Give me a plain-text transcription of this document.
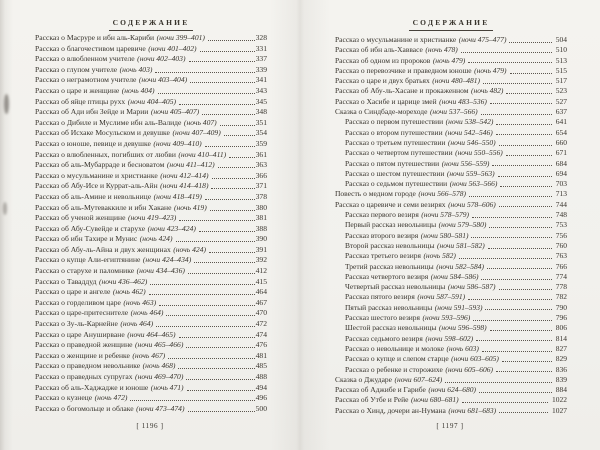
СОДЕРЖАНИЕ
Рассказ о Масруре и ибн аль-Кариби (ночи 399–401)	328
Рассказ о благочестивом царевиче (ночи 401–402)	331
Рассказ о влюбленном учителе (ночи 402–403)	337
Рассказ о глупом учителе (ночь 403)	339
Рассказ о неграмотном учителе (ночи 403–404)	341
Рассказ о царе и женщине (ночь 404)	343
Рассказ об яйце птицы рухх (ночи 404–405)	345
Рассказ об Ади ибн Зейде и Марии (ночи 405–407)	348
Рассказ о Дибиле и Муслиме ибн аль-Валиде (ночь 407)	351
Рассказ об Исхаке Мосульском и девушке (ночи 407–409)	354
Рассказ о юноше, певице и девушке (ночи 409–410)	359
Рассказ о влюбленных, погибших от любви (ночи 410–411)	361
Рассказ об аль-Мубарраде и бесноватом (ночи 411–412)	363
Рассказ о мусульманине и христианке (ночи 412–414)	366
Рассказ об Абу-Исе и Куррат-аль-Айн (ночи 414–418)	371
Рассказ об аль-Амине и невольнице (ночи 418–419)	378
Рассказ об аль-Мутеваккиле и ибн Хакане (ночь 419)	380
Рассказ об ученой женщине (ночи 419–423)	381
Рассказ об Абу-Сувейде и старухе (ночи 423–424)	388
Рассказ об ибн Тахире и Мунис (ночь 424)	390
Рассказ об Абу-ль-Айна и двух женщинах (ночь 424)	391
Рассказ о купце Али-египтянине (ночи 424–434)	392
Рассказ о старухе и паломнике (ночи 434–436)	412
Рассказ о Таваддуд (ночи 436–462)	415
Рассказ о царе и ангеле (ночь 462)	464
Рассказ о горделивом царе (ночь 463)	467
Рассказ о царе-притеснителе (ночь 464)	470
Рассказ о Зу-ль-Карнейне (ночь 464)	472
Рассказ о царе Ануширване (ночи 464–465)	474
Рассказ о праведной женщине (ночи 465–466)	476
Рассказ о женщине и ребенке (ночь 467)	481
Рассказ о праведном невольнике (ночь 468)	485
Рассказ о праведных супругах (ночи 469–470)	488
Рассказ об аль-Хаджадже и юноше (ночь 471)	494
Рассказ о кузнеце (ночь 472)	496
Рассказ о богомольце и облаке (ночи 473–474)	500
[ 1196 ]
СОДЕРЖАНИЕ
Рассказ о мусульманине и христианке (ночи 475–477)	504
Рассказ об ибн аль-Хаввасе (ночь 478)	510
Рассказ об одном из пророков (ночь 479)	513
Рассказ о перевозчике и праведном юноше (ночь 479)	515
Рассказ о царе и двух братьях (ночи 480–481)	517
Рассказ об Абу-ль-Хасане и прокаженном (ночь 482)	523
Рассказ о Хасибе и царице змей (ночи 483–536)	527
Сказка о Синдбаде-мореходе (ночи 537–566)	637
Рассказ о первом путешествии (ночи 538–542)	641
Рассказ о втором путешествии (ночи 542–546)	654
Рассказ о третьем путешествии (ночи 546–550)	660
Рассказ о четвертом путешествии (ночи 550–556)	671
Рассказ о пятом путешествии (ночи 556–559)	684
Рассказ о шестом путешествии (ночи 559–563)	694
Рассказ о седьмом путешествии (ночи 563–566)	703
Повесть о медном городе (ночи 566–578)	713
Рассказ о царевиче и семи везирях (ночи 578–606)	744
Рассказ первого везиря (ночи 578–579)	748
Первый рассказ невольницы (ночи 579–580)	753
Рассказ второго везиря (ночи 580–581)	756
Второй рассказ невольницы (ночи 581–582)	760
Рассказ третьего везиря (ночь 582)	763
Третий рассказ невольницы (ночи 582–584)	766
Рассказ четвертого везиря (ночи 584–586)	774
Четвертый рассказ невольницы (ночи 586–587)	778
Рассказ пятого везиря (ночи 587–591)	782
Пятый рассказ невольницы (ночи 591–593)	790
Рассказ шестого везиря (ночи 593–596)	796
Шестой рассказ невольницы (ночи 596–598)	806
Рассказ седьмого везиря (ночи 598–602)	814
Рассказ о невольнице и молоке (ночь 603)	827
Рассказ о купце и слепом старце (ночи 603–605)	829
Рассказ о ребенке и сторожихе (ночи 605–606)	836
Сказка о Джударе (ночи 607–624)	839
Рассказ об Аджибе и Гарибе (ночи 624–680)	884
Рассказ об Утбе и Рейе (ночи 680–681)	1022
Рассказ о Хинд, дочери ан-Нумана (ночи 681–683)	1027
[ 1197 ]
